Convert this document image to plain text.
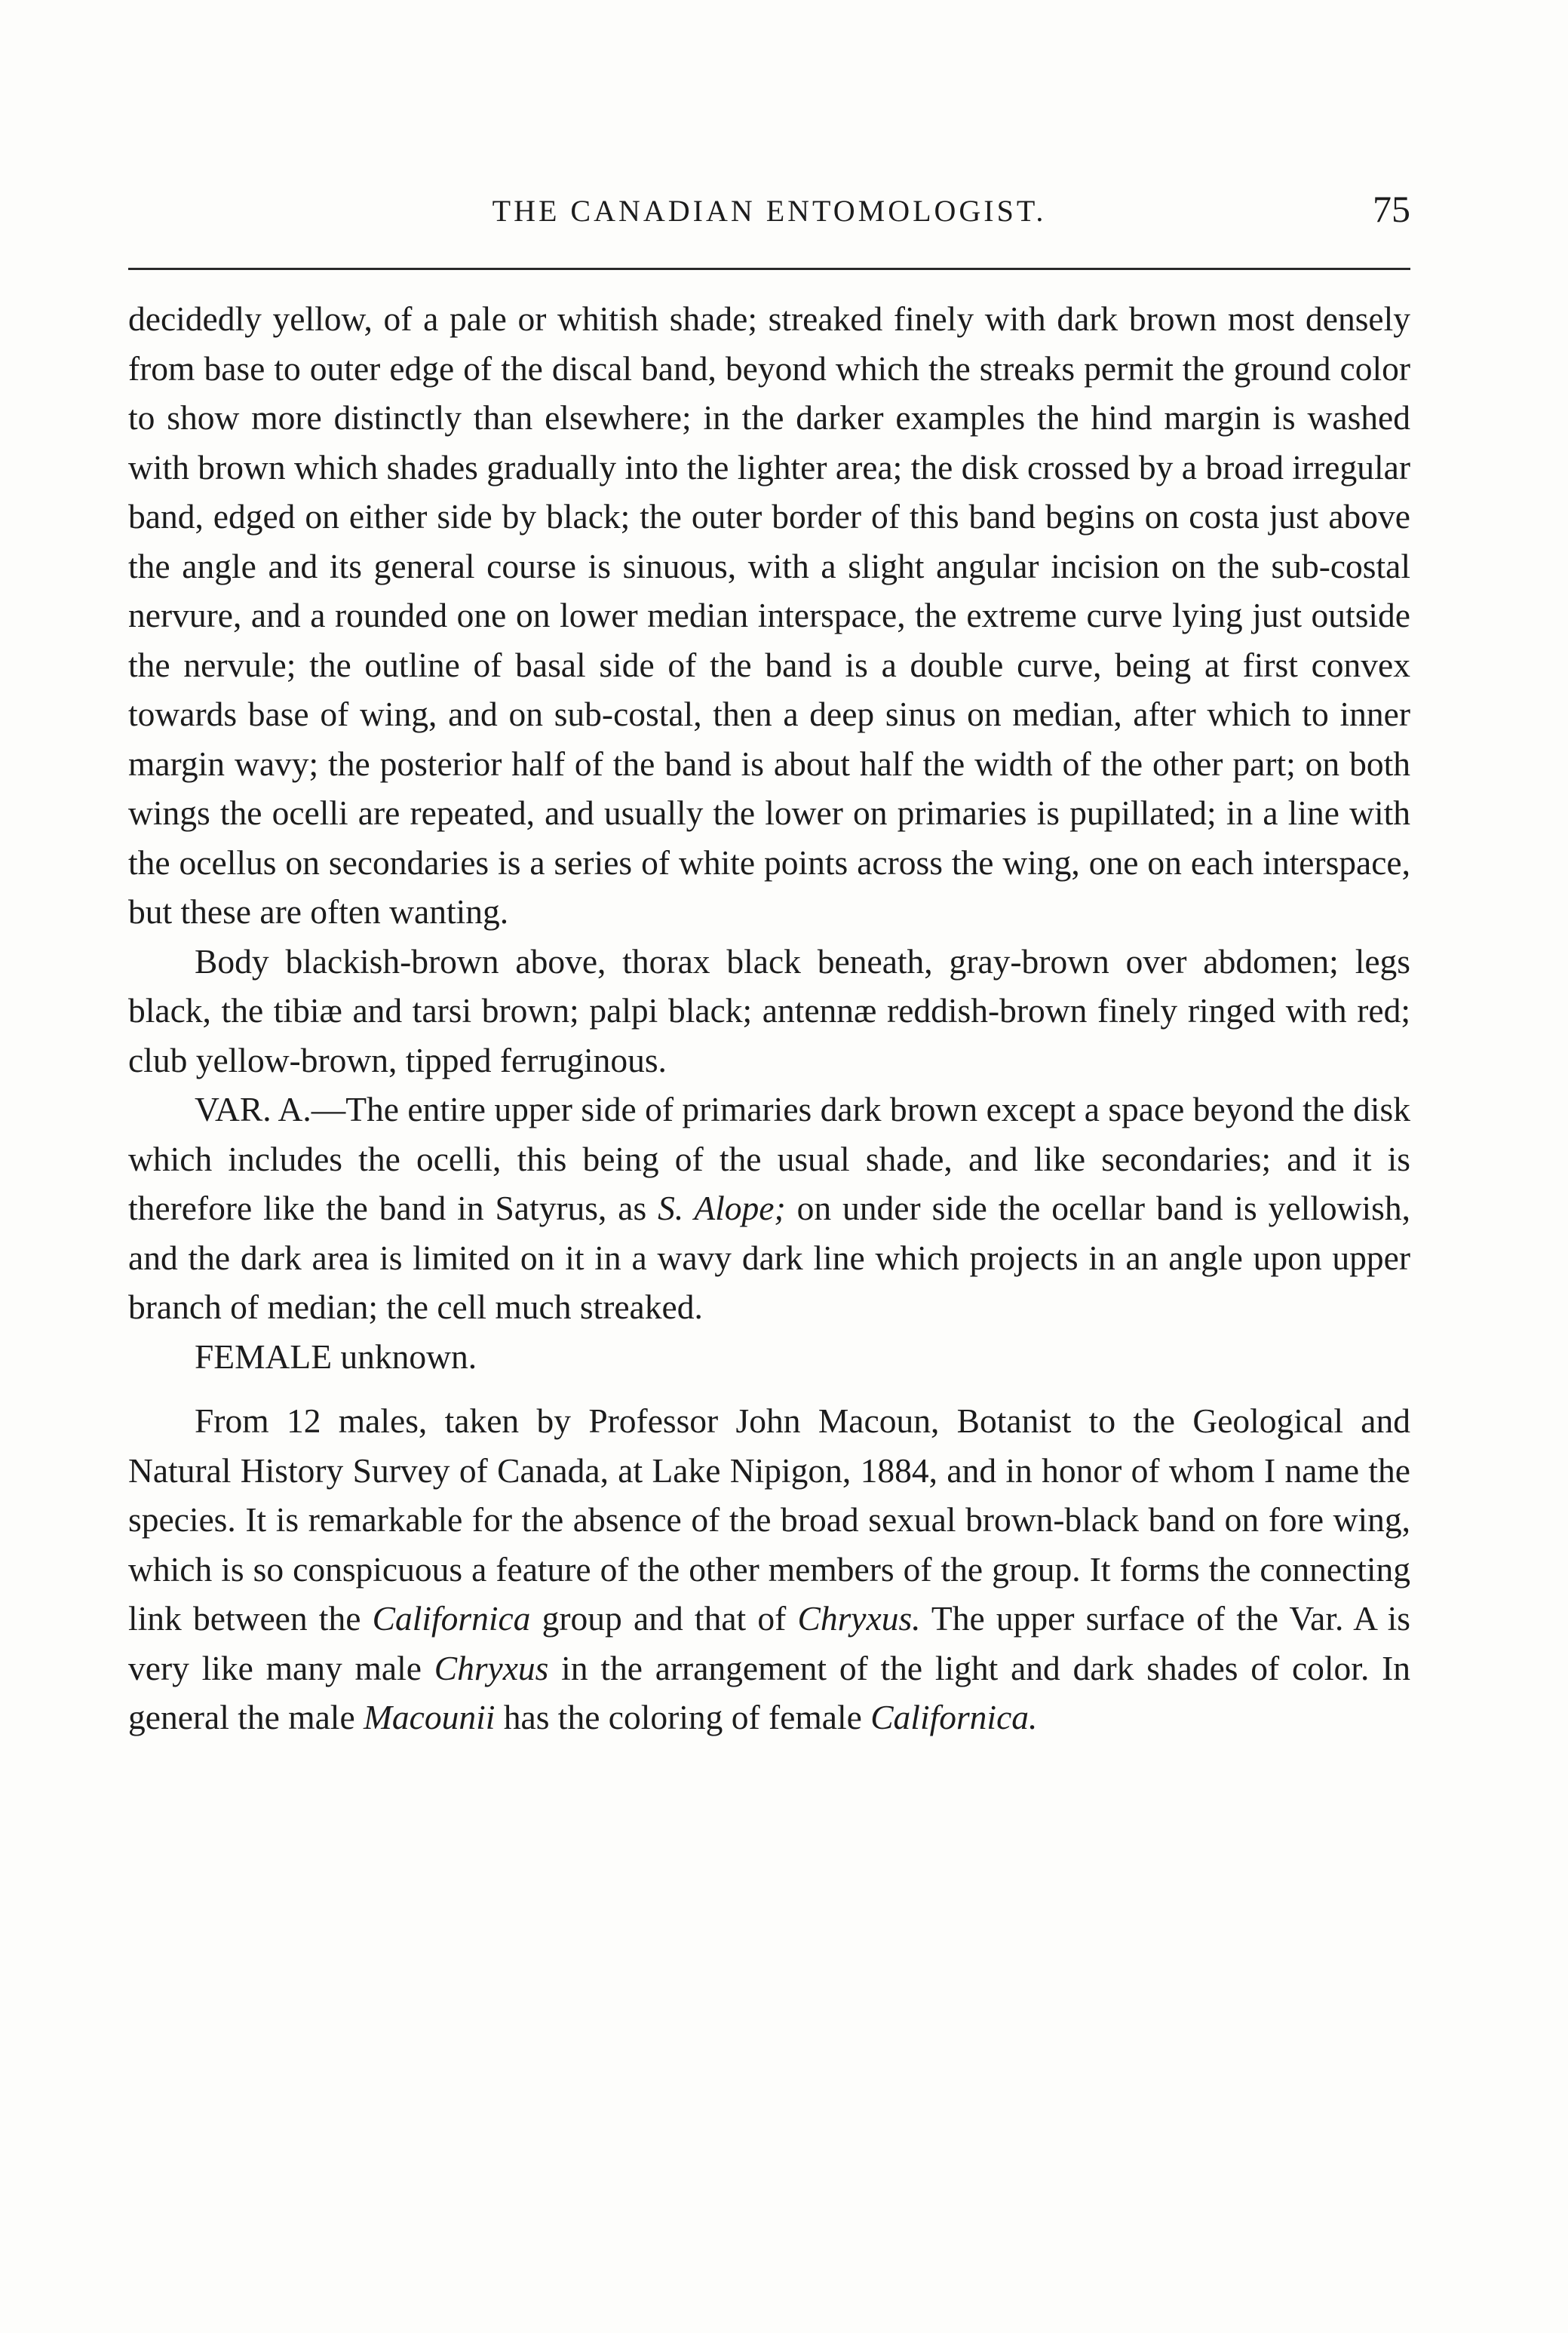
THE CANADIAN ENTOMOLOGIST.	75

decidedly yellow, of a pale or whitish shade; streaked finely with dark brown most densely from base to outer edge of the discal band, beyond which the streaks permit the ground color to show more distinctly than elsewhere; in the darker examples the hind margin is washed with brown which shades gradually into the lighter area; the disk crossed by a broad irregular band, edged on either side by black; the outer border of this band begins on costa just above the angle and its general course is sinuous, with a slight angular incision on the sub-costal nervure, and a rounded one on lower median interspace, the extreme curve lying just outside the nervule; the outline of basal side of the band is a double curve, being at first convex towards base of wing, and on sub-costal, then a deep sinus on median, after which to inner margin wavy; the posterior half of the band is about half the width of the other part; on both wings the ocelli are repeated, and usually the lower on primaries is pupillated; in a line with the ocellus on secondaries is a series of white points across the wing, one on each interspace, but these are often wanting.

Body blackish-brown above, thorax black beneath, gray-brown over abdomen; legs black, the tibiæ and tarsi brown; palpi black; antennæ reddish-brown finely ringed with red; club yellow-brown, tipped ferruginous.

VAR. A.—The entire upper side of primaries dark brown except a space beyond the disk which includes the ocelli, this being of the usual shade, and like secondaries; and it is therefore like the band in Satyrus, as S. Alope; on under side the ocellar band is yellowish, and the dark area is limited on it in a wavy dark line which projects in an angle upon upper branch of median; the cell much streaked.

FEMALE unknown.

From 12 males, taken by Professor John Macoun, Botanist to the Geological and Natural History Survey of Canada, at Lake Nipigon, 1884, and in honor of whom I name the species. It is remarkable for the absence of the broad sexual brown-black band on fore wing, which is so conspicuous a feature of the other members of the group. It forms the connecting link between the Californica group and that of Chryxus. The upper surface of the Var. A is very like many male Chryxus in the arrangement of the light and dark shades of color. In general the male Macounii has the coloring of female Californica.
